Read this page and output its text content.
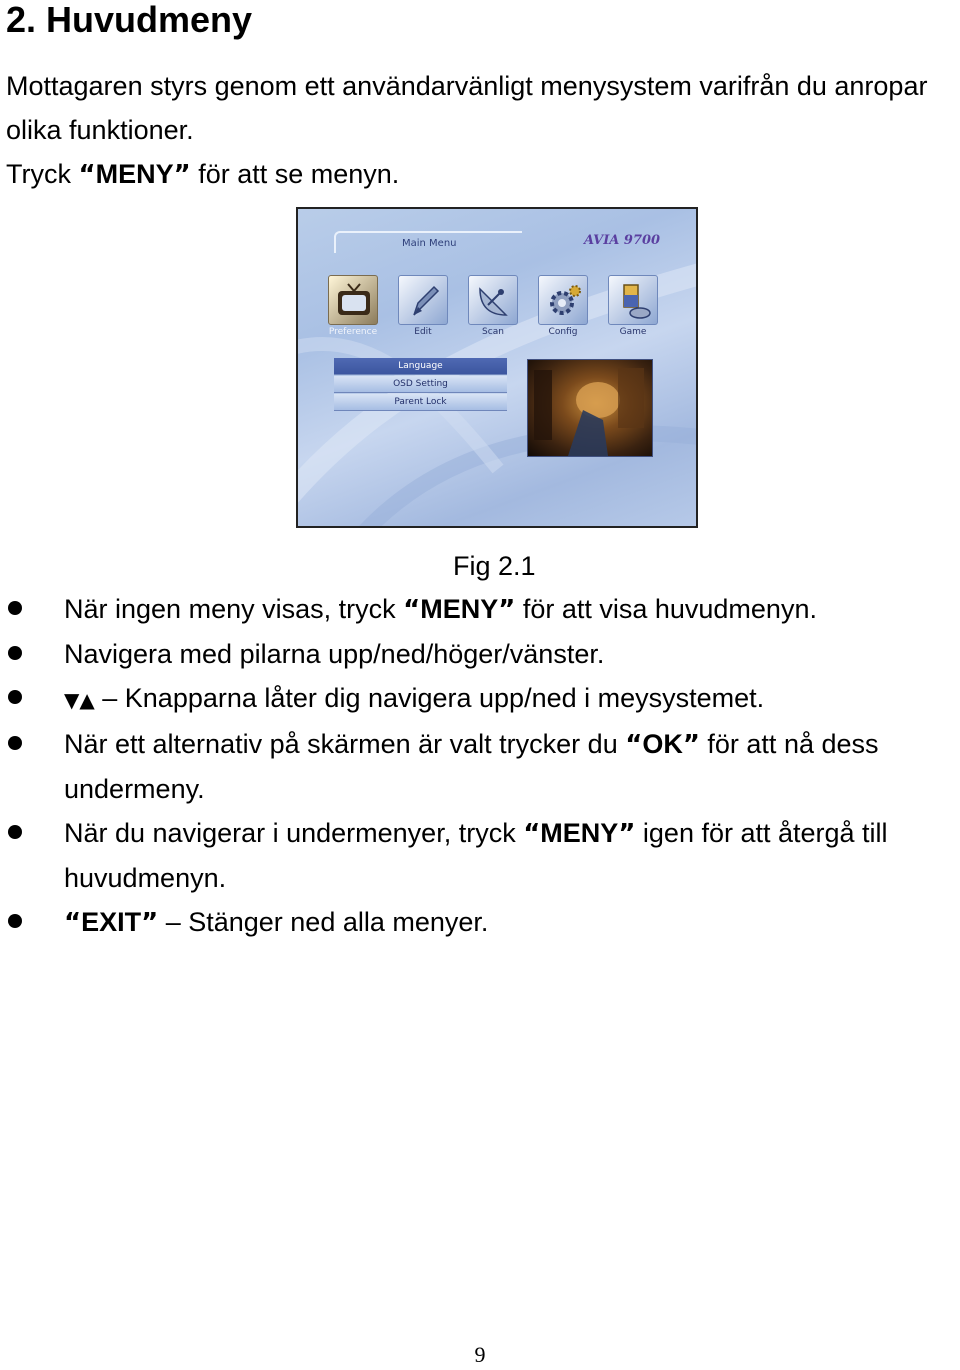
2. Huvudmeny

Mottagaren styrs genom ett användarvänligt menysystem varifrån du anropar olika funktioner.

Tryck “MENY” för att se menyn.

Main Menu	AVIA 9700
Preference	Edit	Scan	Config	Game
Language
OSD Setting
Parent Lock
Fig 2.1
När ingen meny visas, tryck “MENY” för att visa huvudmenyn.
Navigera med pilarna upp/ned/höger/vänster.
▼▲ – Knapparna låter dig navigera upp/ned i meysystemet.
När ett alternativ på skärmen är valt trycker du “OK” för att nå dess undermeny.
När du navigerar i undermenyer, tryck “MENY” igen för att återgå till huvudmenyn.
“EXIT” – Stänger ned alla menyer.
9
